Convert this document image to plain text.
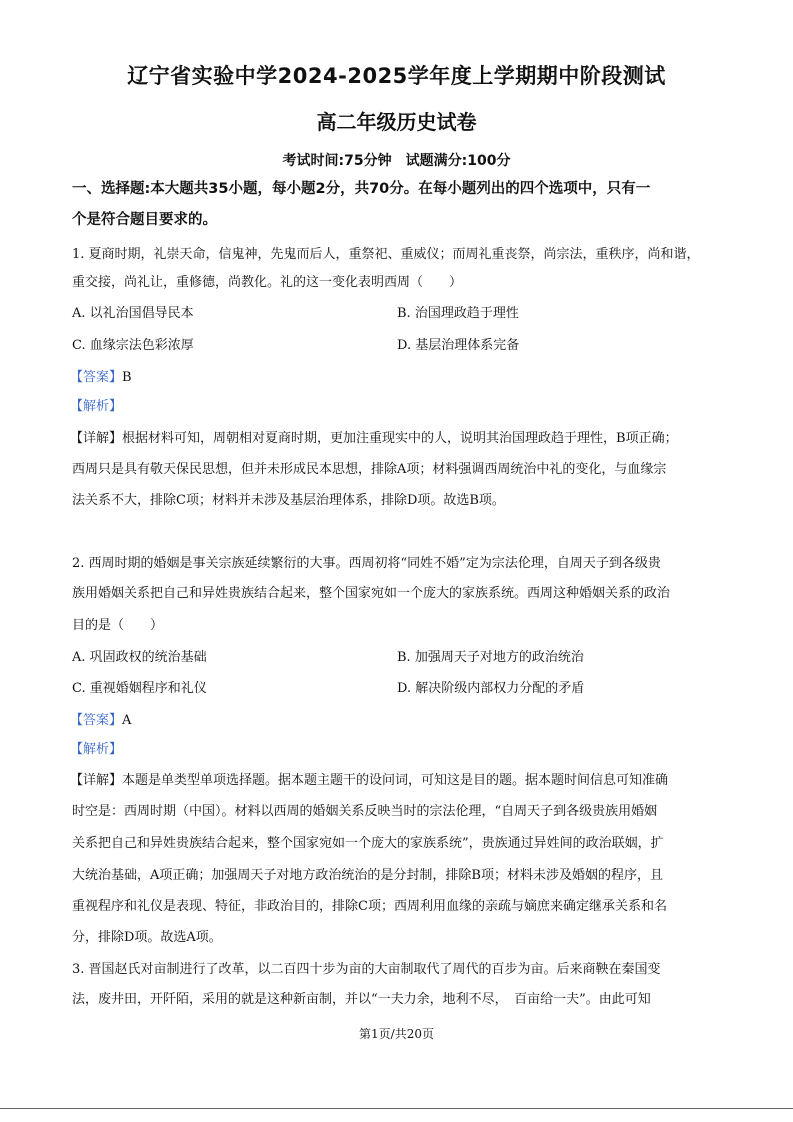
辽宁省实验中学2024-2025学年度上学期期中阶段测试
高二年级历史试卷
考试时间:75分钟　试题满分:100分
一、选择题:本大题共35小题，每小题2分，共70分。在每小题列出的四个选项中，只有一
个是符合题目要求的。
1. 夏商时期，礼崇天命，信鬼神，先鬼而后人，重祭祀、重威仪；而周礼重丧祭，尚宗法，重秩序，尚和谐，
重交接，尚礼让，重修德，尚教化。礼的这一变化表明西周（　　）
A. 以礼治国倡导民本	B. 治国理政趋于理性
C. 血缘宗法色彩浓厚	D. 基层治理体系完备
【答案】B
【解析】
【详解】根据材料可知，周朝相对夏商时期，更加注重现实中的人，说明其治国理政趋于理性，B项正确；
西周只是具有敬天保民思想，但并未形成民本思想，排除A项；材料强调西周统治中礼的变化，与血缘宗
法关系不大，排除C项；材料并未涉及基层治理体系，排除D项。故选B项。
2. 西周时期的婚姻是事关宗族延续繁衍的大事。西周初将“同姓不婚”定为宗法伦理，自周天子到各级贵
族用婚姻关系把自己和异姓贵族结合起来，整个国家宛如一个庞大的家族系统。西周这种婚姻关系的政治
目的是（　　）
A. 巩固政权的统治基础	B. 加强周天子对地方的政治统治
C. 重视婚姻程序和礼仪	D. 解决阶级内部权力分配的矛盾
【答案】A
【解析】
【详解】本题是单类型单项选择题。据本题主题干的设问词，可知这是目的题。据本题时间信息可知准确
时空是：西周时期（中国）。材料以西周的婚姻关系反映当时的宗法伦理，“自周天子到各级贵族用婚姻
关系把自己和异姓贵族结合起来，整个国家宛如一个庞大的家族系统”，贵族通过异姓间的政治联姻，扩
大统治基础，A项正确；加强周天子对地方政治统治的是分封制，排除B项；材料未涉及婚姻的程序，且
重视程序和礼仪是表现、特征，非政治目的，排除C项；西周利用血缘的亲疏与嫡庶来确定继承关系和名
分，排除D项。故选A项。
3. 晋国赵氏对亩制进行了改革，以二百四十步为亩的大亩制取代了周代的百步为亩。后来商鞅在秦国变
法，废井田，开阡陌，采用的就是这种新亩制，并以“一夫力余，地利不尽，　百亩给一夫”。由此可知
第1页/共20页
